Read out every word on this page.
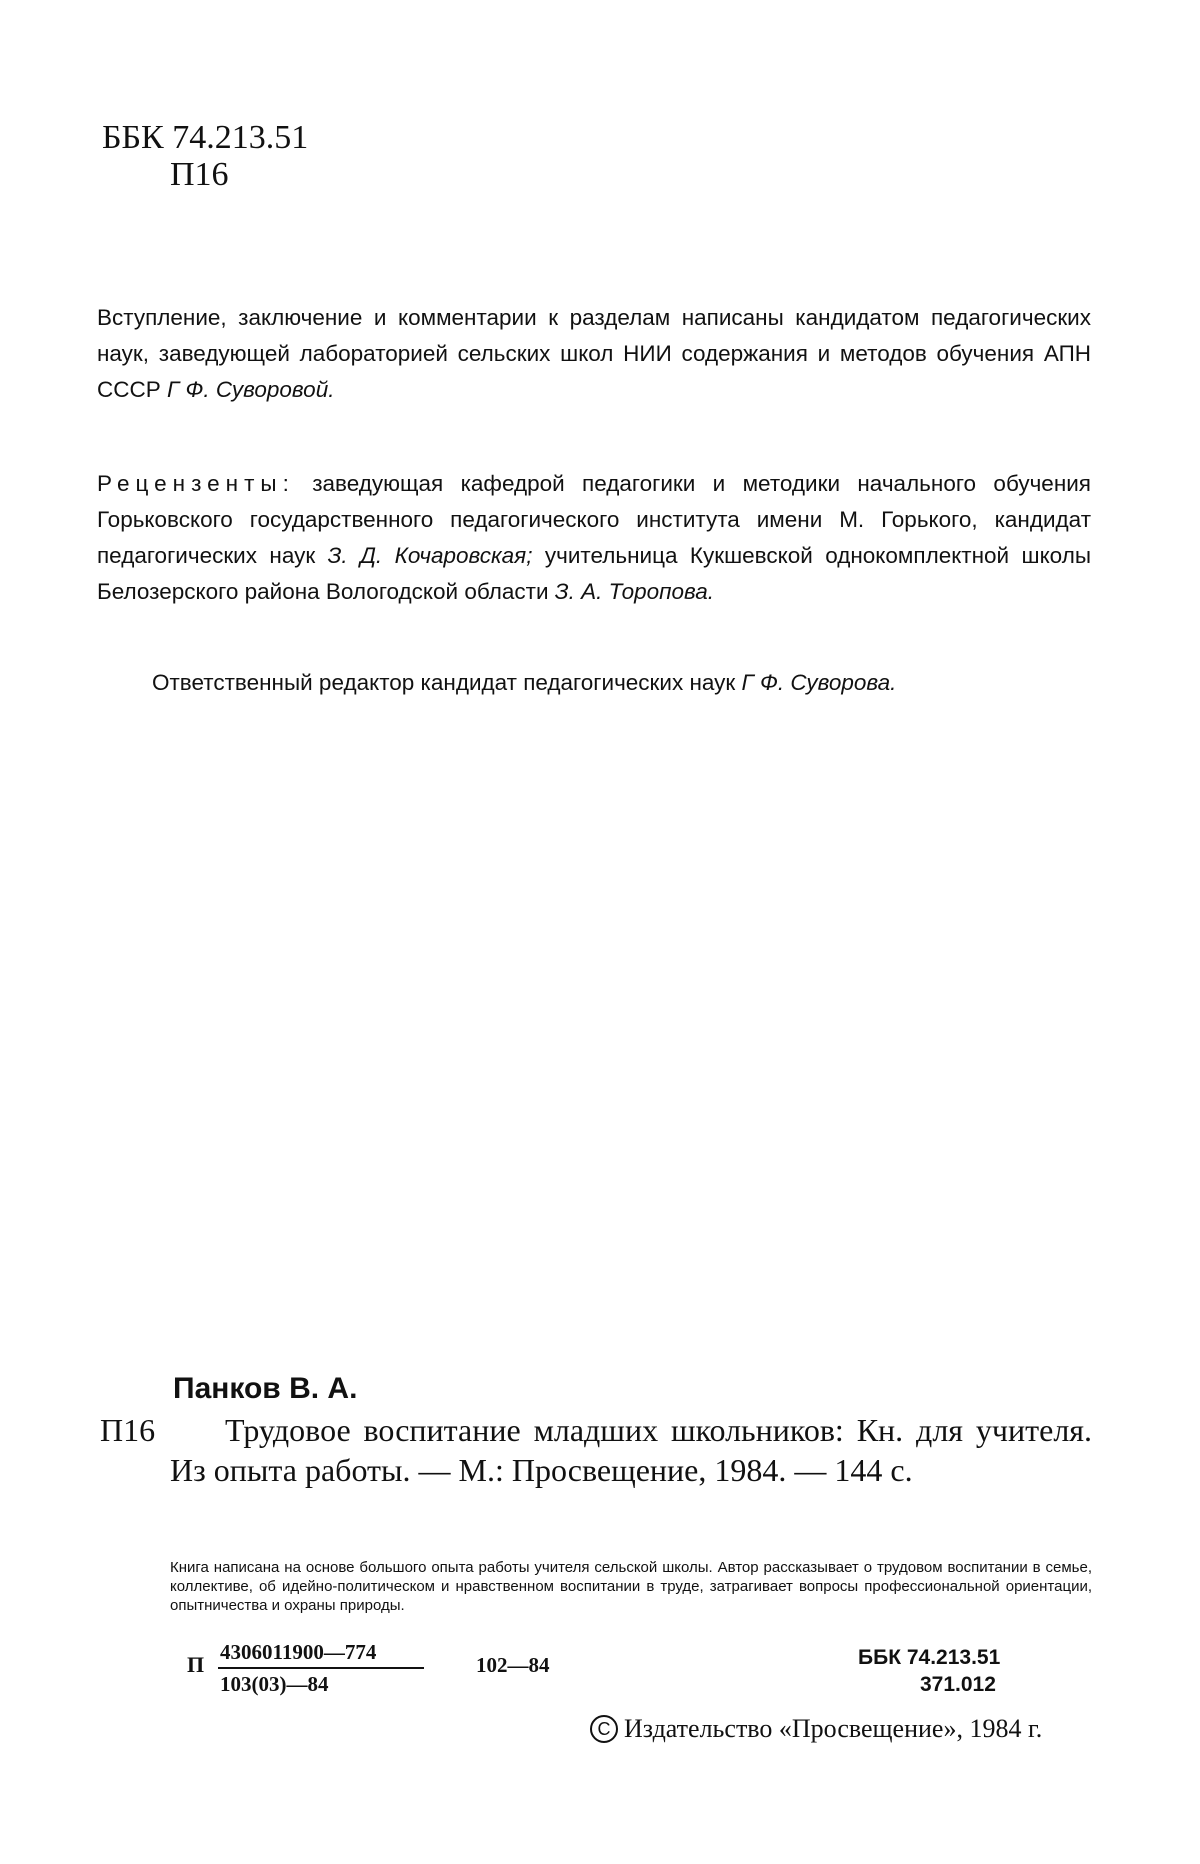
ББК 74.213.51
П16
Вступление, заключение и комментарии к разделам написаны кандидатом педагогических наук, заведующей лабораторией сельских школ НИИ содержания и методов обучения АПН СССР Г Ф. Суворовой.
Рецензенты: заведующая кафедрой педагогики и методики начального обучения Горьковского государственного педагогического института имени М. Горького, кандидат педагогических наук З. Д. Кочаровская; учительница Кукшевской однокомплектной школы Белозерского района Вологодской области З. А. Торопова.
Ответственный редактор кандидат педагогических наук Г Ф. Суворова.
Панков В. А.
П16	Трудовое воспитание младших школьников: Кн. для учителя. Из опыта работы. — М.: Просвещение, 1984. — 144 с.
Книга написана на основе большого опыта работы учителя сельской школы. Автор рассказывает о трудовом воспитании в семье, коллективе, об идейно-политическом и нравственном воспитании в труде, затрагивает вопросы профессиональной ориентации, опытничества и охраны природы.
П 4306011900—774
103(03)—84
102—84	ББК 74.213.51
371.012
C Издательство «Просвещение», 1984 г.
